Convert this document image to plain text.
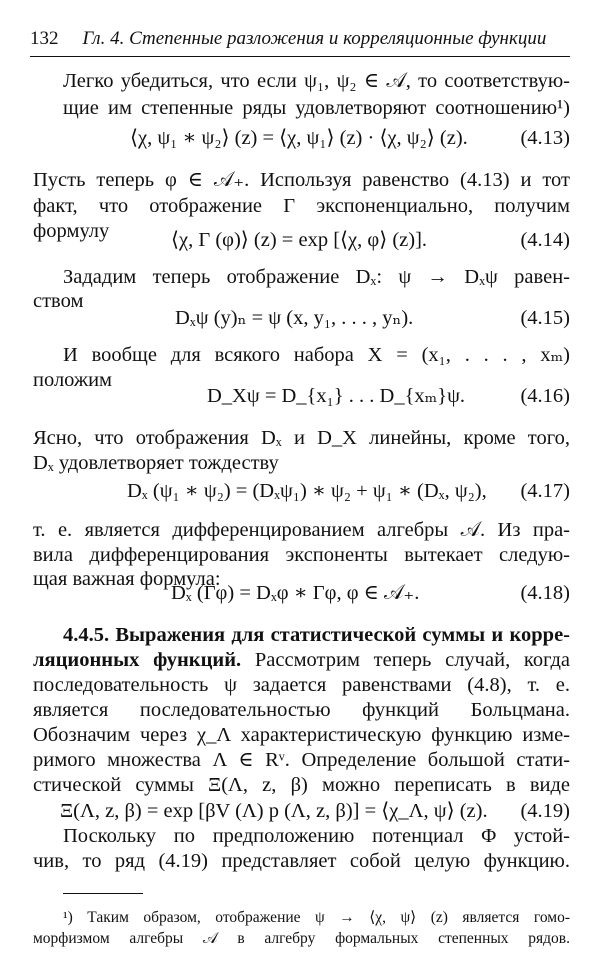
132 Гл. 4. Степенные разложения и корреляционные функции
Легко убедиться, что если ψ₁, ψ₂ ∈ 𝒜, то соответствую-
щие им степенные ряды удовлетворяют соотношению¹)
⟨χ, ψ₁ ∗ ψ₂⟩ (z) = ⟨χ, ψ₁⟩ (z) · ⟨χ, ψ₂⟩ (z).	(4.13)
Пусть теперь φ ∈ 𝒜₊. Используя равенство (4.13) и тот
факт, что отображение Γ экспоненциально, получим
формулу	⟨χ, Γ (φ)⟩ (z) = exp [⟨χ, φ⟩ (z)].	(4.14)
Зададим теперь отображение Dₓ: ψ → Dₓψ равен-
ством
Dₓψ (y)ₙ = ψ (x, y₁, . . . , yₙ).	(4.15)
И вообще для всякого набора X = (x₁, . . . , xₘ)
положим
D_Xψ = D_{x₁} . . . D_{xₘ}ψ.	(4.16)
Ясно, что отображения Dₓ и D_X линейны, кроме того,
Dₓ удовлетворяет тождеству
Dₓ (ψ₁ ∗ ψ₂) = (Dₓψ₁) ∗ ψ₂ + ψ₁ ∗ (Dₓ, ψ₂), (4.17)
т. е. является дифференцированием алгебры 𝒜. Из пра-
вила дифференцирования экспоненты вытекает следую-
щая важная формула:
Dₓ (Γφ) = Dₓφ ∗ Γφ, φ ∈ 𝒜₊.	(4.18)
4.4.5. Выражения для статистической суммы и корре-
ляционных функций. Рассмотрим теперь случай, когда
последовательность ψ задается равенствами (4.8), т. е.
является последовательностью функций Больцмана.
Обозначим через χ_Λ характеристическую функцию изме-
римого множества Λ ∈ Rᵛ. Определение большой стати-
стической суммы Ξ(Λ, z, β) можно переписать в виде
Ξ(Λ, z, β) = exp [βV (Λ) p (Λ, z, β)] = ⟨χ_Λ, ψ⟩ (z). (4.19)
Поскольку по предположению потенциал Φ устой-
чив, то ряд (4.19) представляет собой целую функцию.
¹) Таким образом, отображение ψ → ⟨χ, ψ⟩ (z) является гомо-
морфизмом алгебры 𝒜 в алгебру формальных степенных рядов.
